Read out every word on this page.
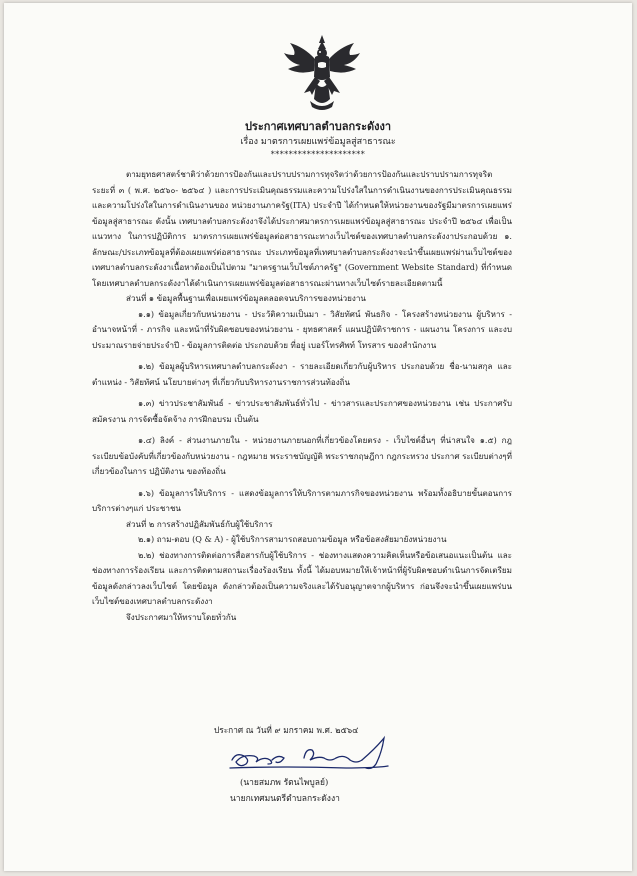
ประกาศเทศบาลตำบลกระดังงา
เรื่อง มาตรการเผยแพร่ข้อมูลสู่สาธารณะ
*********************

ตามยุทธศาสตร์ชาติว่าด้วยการป้องกันและปราบปรามการทุจริตว่าด้วยการป้องกันและปราบปรามการทุจริต ระยะที่ ๓ ( พ.ศ. ๒๕๖๐- ๒๕๖๔ ) และการประเมินคุณธรรมและความโปร่งใสในการดำเนินงานของการประเมินคุณธรรมและความโปร่งใสในการดำเนินงานของ หน่วยงานภาครัฐ(ITA) ประจำปี ได้กำหนดให้หน่วยงานของรัฐมีมาตรการเผยแพร่ข้อมูลสู่สาธารณะ ดังนั้น เทศบาลตำบลกระดังงาจึงได้ประกาศมาตรการเผยแพร่ข้อมูลสู่สาธารณะ ประจำปี ๒๕๖๔ เพื่อเป็นแนวทาง ในการปฏิบัติการ มาตรการเผยแพร่ข้อมูลต่อสาธารณะทางเว็บไซต์ของเทศบาลตำบลกระดังงาประกอบด้วย ๑. ลักษณะ/ประเภทข้อมูลที่ต้องเผยแพร่ต่อสาธารณะ ประเภทข้อมูลที่เทศบาลตำบลกระดังงาจะนำขึ้นเผยแพร่ผ่านเว็บไซต์ของเทศบาลตำบลกระดังงาเนื้อหาต้องเป็นไปตาม "มาตรฐานเว็บไซต์ภาครัฐ" (Government Website Standard) ที่กำหนด โดยเทศบาลตำบลกระดังงาได้ดำเนินการเผยแพร่ข้อมูลต่อสาธารณะผ่านทางเว็บไซต์รายละเอียดตามนี้

ส่วนที่ ๑ ข้อมูลพื้นฐานเพื่อเผยแพร่ข้อมูลตลอดจนบริการของหน่วยงาน

๑.๑) ข้อมูลเกี่ยวกับหน่วยงาน - ประวัติความเป็นมา - วิสัยทัศน์ พันธกิจ - โครงสร้างหน่วยงาน ผู้บริหาร - อำนาจหน้าที่ - ภารกิจ และหน้าที่รับผิดชอบของหน่วยงาน - ยุทธศาสตร์ แผนปฏิบัติราชการ - แผนงาน โครงการ และงบประมาณรายจ่ายประจำปี - ข้อมูลการติดต่อ ประกอบด้วย ที่อยู่ เบอร์โทรศัพท์ โทรสาร ของสำนักงาน

๑.๒) ข้อมูลผู้บริหารเทศบาลตำบลกระดังงา - รายละเอียดเกี่ยวกับผู้บริหาร ประกอบด้วย ชื่อ-นามสกุล และตำแหน่ง - วิสัยทัศน์ นโยบายต่างๆ ที่เกี่ยวกับบริหารงานราชการส่วนท้องถิ่น

๑.๓) ข่าวประชาสัมพันธ์ - ข่าวประชาสัมพันธ์ทั่วไป - ข่าวสารและประกาศของหน่วยงาน เช่น ประกาศรับสมัครงาน การจัดซื้อจัดจ้าง การฝึกอบรม เป็นต้น

๑.๔) ลิงค์ - ส่วนงานภายใน - หน่วยงานภายนอกที่เกี่ยวข้องโดยตรง - เว็บไซต์อื่นๆ ที่น่าสนใจ ๑.๕) กฎระเบียบข้อบังคับที่เกี่ยวข้องกับหน่วยงาน - กฎหมาย พระราชบัญญัติ พระราชกฤษฎีกา กฎกระทรวง ประกาศ ระเบียบต่างๆที่เกี่ยวข้องในการ ปฏิบัติงาน ของท้องถิ่น

๑.๖) ข้อมูลการให้บริการ - แสดงข้อมูลการให้บริการตามภารกิจของหน่วยงาน พร้อมทั้งอธิบายขั้นตอนการบริการต่างๆแก่ ประชาชน

ส่วนที่ ๒ การสร้างปฏิสัมพันธ์กับผู้ใช้บริการ

๒.๑) ถาม-ตอบ (Q & A) - ผู้ใช้บริการสามารถสอบถามข้อมูล หรือข้อสงสัยมายังหน่วยงาน

๒.๒) ช่องทางการติดต่อการสื่อสารกับผู้ใช้บริการ - ช่องทางแสดงความคิดเห็นหรือข้อเสนอแนะเป็นต้น และช่องทางการร้องเรียน และการติดตามสถานะเรื่องร้องเรียน ทั้งนี้ ได้มอบหมายให้เจ้าหน้าที่ผู้รับผิดชอบดำเนินการจัดเตรียมข้อมูลดังกล่าวลงเว็บไซต์ โดยข้อมูล ดังกล่าวต้องเป็นความจริงและได้รับอนุญาตจากผู้บริหาร ก่อนจึงจะนำขึ้นเผยแพร่บนเว็บไซต์ของเทศบาลตำบลกระดังงา

จึงประกาศมาให้ทราบโดยทั่วกัน

ประกาศ ณ วันที่ ๙ มกราคม พ.ศ. ๒๕๖๔
(นายสมภพ รัตนไพบูลย์)
นายกเทศมนตรีตำบลกระดังงา
